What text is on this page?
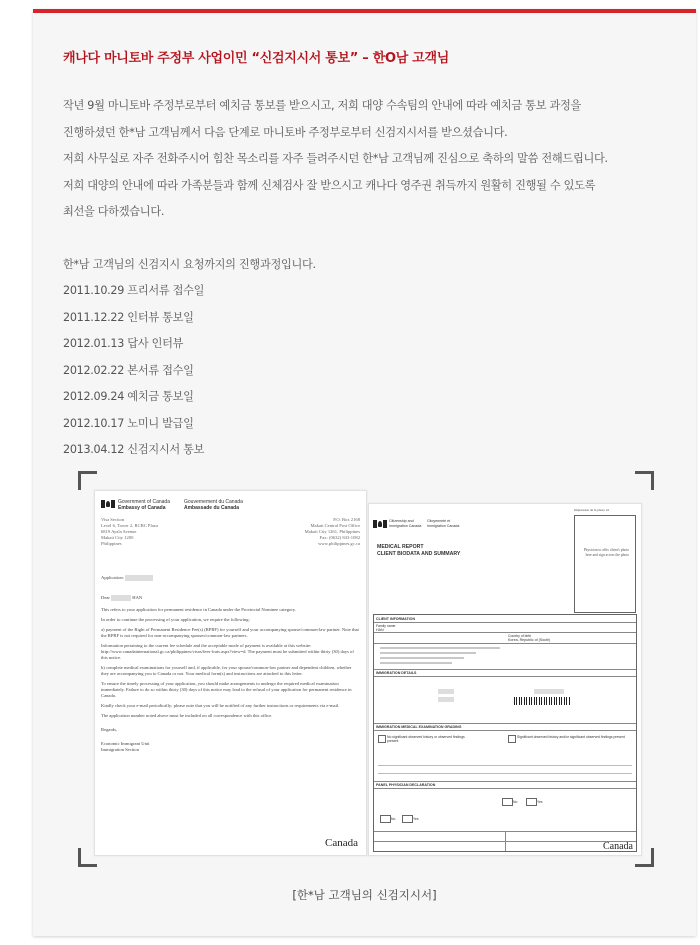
캐나다 마니토바 주정부 사업이민 “신검지시서 통보” – 한O남 고객님

작년 9월 마니토바 주정부로부터 예치금 통보를 받으시고, 저희 대양 수속팀의 안내에 따라 예치금 통보 과정을

진행하셨던 한*남 고객님께서 다음 단계로 마니토바 주정부로부터 신검지시서를 받으셨습니다.

저희 사무실로 자주 전화주시어 힘찬 목소리를 자주 들려주시던 한*남 고객님께 진심으로 축하의 말씀 전해드립니다.

저희 대양의 안내에 따라 가족분들과 함께 신체검사 잘 받으시고 캐나다 영주권 취득까지 원활히 진행될 수 있도록

최선을 다하겠습니다.

한*남 고객님의 신검지시 요청까지의 진행과정입니다.

2011.10.29 프리서류 접수일

2011.12.22 인터뷰 통보일

2012.01.13 답사 인터뷰

2012.02.22 본서류 접수일

2012.09.24 예치금 통보일

2012.10.17 노미니 발급일

2013.04.12 신검지시서 통보

Government of Canada
Embassy of Canada
Gouvernement du Canada
Ambassade du Canada
Visa Section
Level 6, Tower 2, RCBC Plaza
6819 Ayala Avenue
Makati City 1200
Philippines
P.O. Box 2168
Makati Central Post Office
Makati City 1261, Philippines
Fax: (0632) 843-1082
www.philippines.gc.ca
Application:
Dear	HAN
This refers to your application for permanent residence in Canada under the Provincial Nominee category.
In order to continue the processing of your application, we require the following:
a) payment of the Right of Permanent Residence Fee(s) (RPRF) for yourself and your accompanying spouse/common-law partner. Note that the RPRF is not required for non-accompanying spouses/common-law partners.
Information pertaining to the current fee schedule and the acceptable mode of payment is available at this website: http://www.canadainternational.gc.ca/philippines/visas/fees-frais.aspx?view=d. The payment must be submitted within thirty (30) days of this notice.
b) complete medical examinations for yourself and, if applicable, for your spouse/common-law partner and dependent children, whether they are accompanying you to Canada or not. Your medical form(s) and instructions are attached to this letter.
To ensure the timely processing of your application, you should make arrangements to undergo the required medical examination immediately. Failure to do so within thirty (30) days of this notice may lead to the refusal of your application for permanent residence in Canada.
Kindly check your e-mail periodically; please note that you will be notified of any further instructions or requirements via e-mail.
The application number noted above must be included on all correspondence with this office.
Regards,
Economic Immigrant Unit
Immigration Section
Canada
Citizenship and Immigration Canada
Citoyenneté et Immigration Canada
MEDICAL REPORT
CLIENT BIODATA AND SUMMARY
Impression de la photo ici
Physician to affix client's photo here and sign across the photo
CLIENT INFORMATION
Family name
HAN
Country of birth
Korea, Republic of (South)
IMMIGRATION DETAILS
IMMIGRATION MEDICAL EXAMINATION GRADING
No significant observed history or observed findings present
Significant observed history and/or significant observed findings present
PANEL PHYSICIAN DECLARATION
No	Yes
No	Yes
Canada
[한*남 고객님의 신검지시서]
